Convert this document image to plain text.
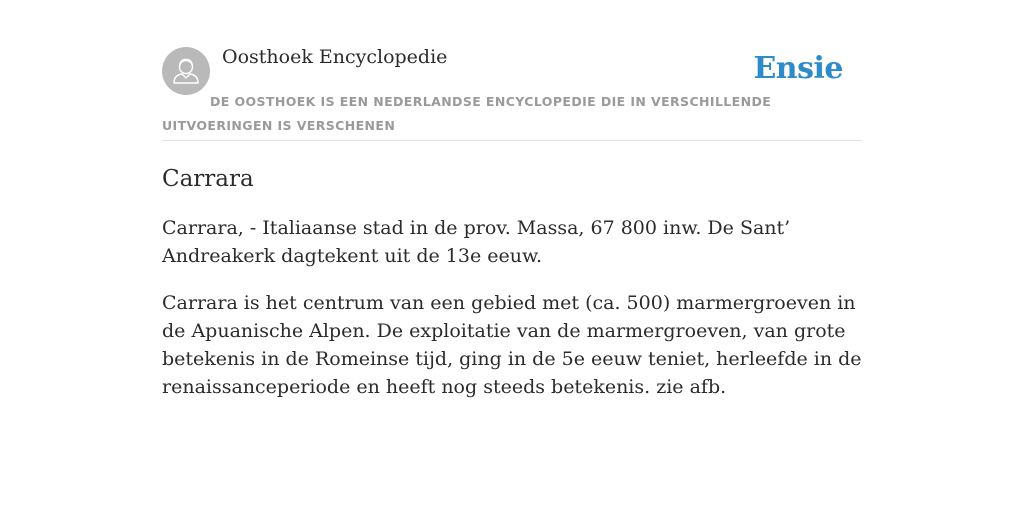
Oosthoek Encyclopedie	Ensie
DE OOSTHOEK IS EEN NEDERLANDSE ENCYCLOPEDIE DIE IN VERSCHILLENDE UITVOERINGEN IS VERSCHENEN
Carrara

Carrara, - Italiaanse stad in de prov. Massa, 67 800 inw. De Sant’ Andreakerk dagtekent uit de 13e eeuw.

Carrara is het centrum van een gebied met (ca. 500) marmergroeven in de Apuanische Alpen. De exploitatie van de marmergroeven, van grote betekenis in de Romeinse tijd, ging in de 5e eeuw teniet, herleefde in de renaissanceperiode en heeft nog steeds betekenis. zie afb.
